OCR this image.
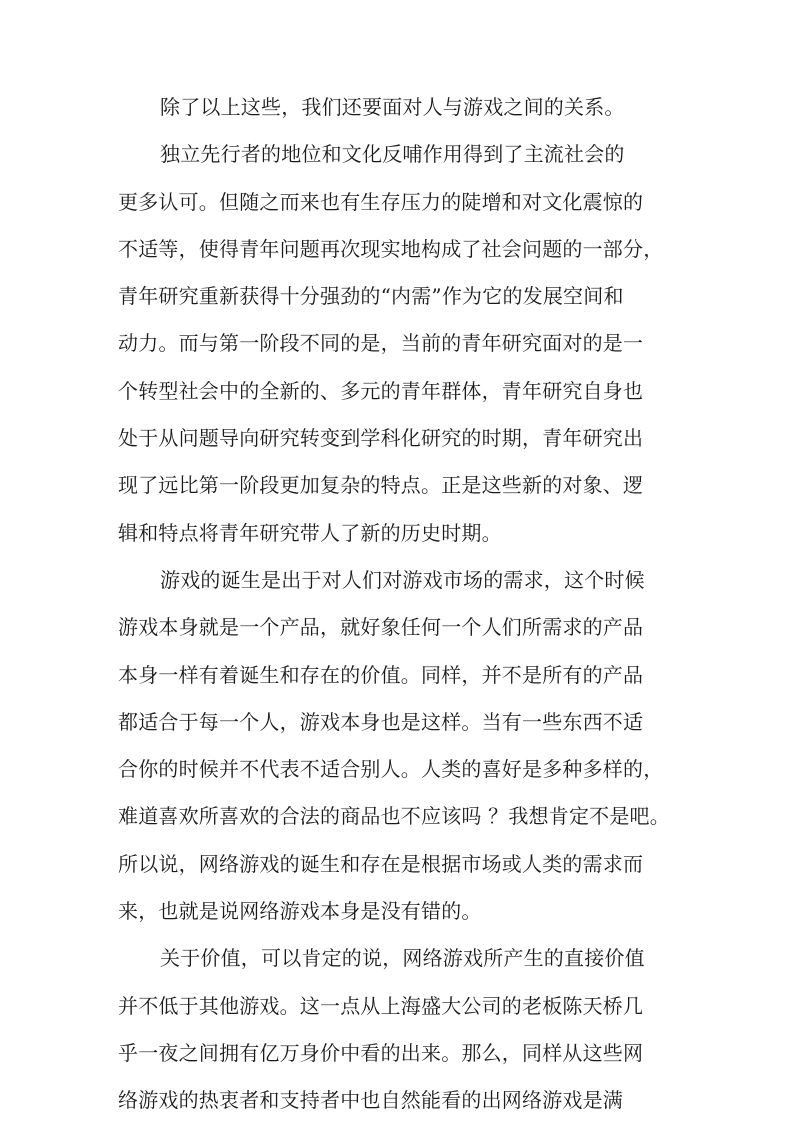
除了以上这些，我们还要面对人与游戏之间的关系。
独立先行者的地位和文化反哺作用得到了主流社会的
更多认可。但随之而来也有生存压力的陡增和对文化震惊的
不适等，使得青年问题再次现实地构成了社会问题的一部分，
青年研究重新获得十分强劲的“内需”作为它的发展空间和
动力。而与第一阶段不同的是，当前的青年研究面对的是一
个转型社会中的全新的、多元的青年群体，青年研究自身也
处于从问题导向研究转变到学科化研究的时期，青年研究出
现了远比第一阶段更加复杂的特点。正是这些新的对象、逻
辑和特点将青年研究带人了新的历史时期。
游戏的诞生是出于对人们对游戏市场的需求，这个时候
游戏本身就是一个产品，就好象任何一个人们所需求的产品
本身一样有着诞生和存在的价值。同样，并不是所有的产品
都适合于每一个人，游戏本身也是这样。当有一些东西不适
合你的时候并不代表不适合别人。人类的喜好是多种多样的，
难道喜欢所喜欢的合法的商品也不应该吗 ？我想肯定不是吧。
所以说，网络游戏的诞生和存在是根据市场或人类的需求而
来，也就是说网络游戏本身是没有错的。
关于价值，可以肯定的说，网络游戏所产生的直接价值
并不低于其他游戏。这一点从上海盛大公司的老板陈天桥几
乎一夜之间拥有亿万身价中看的出来。那么，同样从这些网
络游戏的热衷者和支持者中也自然能看的出网络游戏是满
